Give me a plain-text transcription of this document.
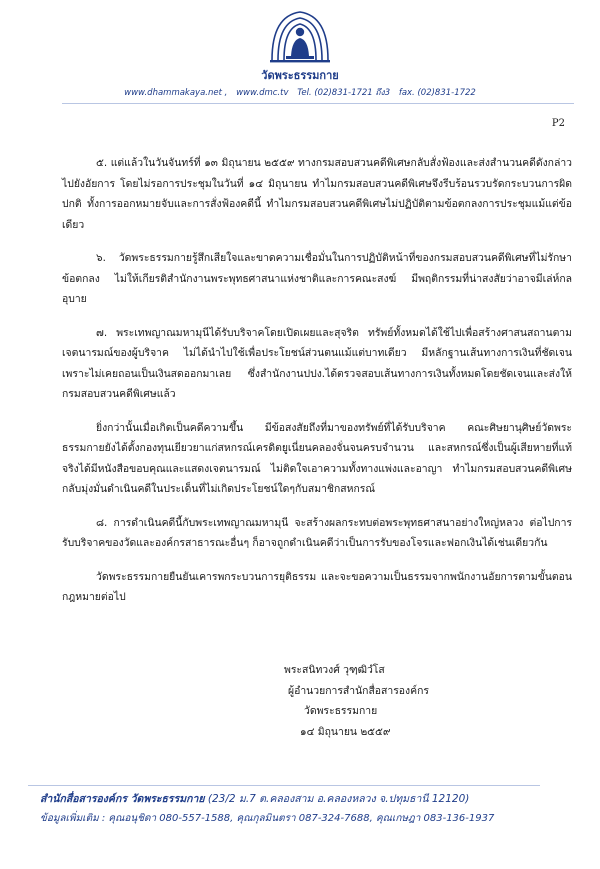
วัดพระธรรมกาย
www.dhammakaya.net , www.dmc.tv Tel. (02)831-1721 ถึง3 fax. (02)831-1722
P2

๕. แต่แล้วในวันจันทร์ที่ ๑๓ มิถุนายน ๒๕๕๙ ทางกรมสอบสวนคดีพิเศษกลับสั่งฟ้องและส่งสำนวนคดีดังกล่าวไปยังอัยการ โดยไม่รอการประชุมในวันที่ ๑๔ มิถุนายน ทำไมกรมสอบสวนคดีพิเศษจึงรีบร้อนรวบรัดกระบวนการผิดปกติ ทั้งการออกหมายจับและการสั่งฟ้องคดีนี้ ทำไมกรมสอบสวนคดีพิเศษไม่ปฏิบัติตามข้อตกลงการประชุมแม้แต่ข้อเดียว

๖. วัดพระธรรมกายรู้สึกเสียใจและขาดความเชื่อมั่นในการปฏิบัติหน้าที่ของกรมสอบสวนคดีพิเศษที่ไม่รักษาข้อตกลง ไม่ให้เกียรติสำนักงานพระพุทธศาสนาแห่งชาติและการคณะสงฆ์ มีพฤติกรรมที่น่าสงสัยว่าอาจมีเล่ห์กลอุบาย

๗. พระเทพญาณมหามุนีได้รับบริจาคโดยเปิดเผยและสุจริต ทรัพย์ทั้งหมดได้ใช้ไปเพื่อสร้างศาสนสถานตามเจตนารมณ์ของผู้บริจาค ไม่ได้นำไปใช้เพื่อประโยชน์ส่วนตนแม้แต่บาทเดียว มีหลักฐานเส้นทางการเงินที่ชัดเจนเพราะไม่เคยถอนเป็นเงินสดออกมาเลย ซึ่งสำนักงานปปง.ได้ตรวจสอบเส้นทางการเงินทั้งหมดโดยชัดเจนและส่งให้กรมสอบสวนคดีพิเศษแล้ว

ยิ่งกว่านั้นเมื่อเกิดเป็นคดีความขึ้น มีข้อสงสัยถึงที่มาของทรัพย์ที่ได้รับบริจาค คณะศิษยานุศิษย์วัดพระธรรมกายยังได้ตั้งกองทุนเยียวยาแก่สหกรณ์เครดิตยูเนี่ยนคลองจั่นจนครบจำนวน และสหกรณ์ซึ่งเป็นผู้เสียหายที่แท้จริงได้มีหนังสือขอบคุณและแสดงเจตนารมณ์ ไม่ติดใจเอาความทั้งทางแพ่งและอาญา ทำไมกรมสอบสวนคดีพิเศษกลับมุ่งมั่นดำเนินคดีในประเด็นที่ไม่เกิดประโยชน์ใดๆกับสมาชิกสหกรณ์

๘. การดำเนินคดีนี้กับพระเทพญาณมหามุนี จะสร้างผลกระทบต่อพระพุทธศาสนาอย่างใหญ่หลวง ต่อไปการรับบริจาคของวัดและองค์กรสาธารณะอื่นๆ ก็อาจถูกดำเนินคดีว่าเป็นการรับของโจรและฟอกเงินได้เช่นเดียวกัน

วัดพระธรรมกายยืนยันเคารพกระบวนการยุติธรรม และจะขอความเป็นธรรมจากพนักงานอัยการตามขั้นตอนกฎหมายต่อไป

พระสนิทวงศ์ วุฑฺฒิวํโส
ผู้อำนวยการสำนักสื่อสารองค์กร
วัดพระธรรมกาย
๑๔ มิถุนายน ๒๕๕๙
สำนักสื่อสารองค์กร วัดพระธรรมกาย (23/2 ม.7 ต.คลองสาม อ.คลองหลวง จ.ปทุมธานี 12120)
ข้อมูลเพิ่มเติม : คุณอนุชิดา 080-557-1588, คุณกุลมินตรา 087-324-7688, คุณเกษฎา 083-136-1937
